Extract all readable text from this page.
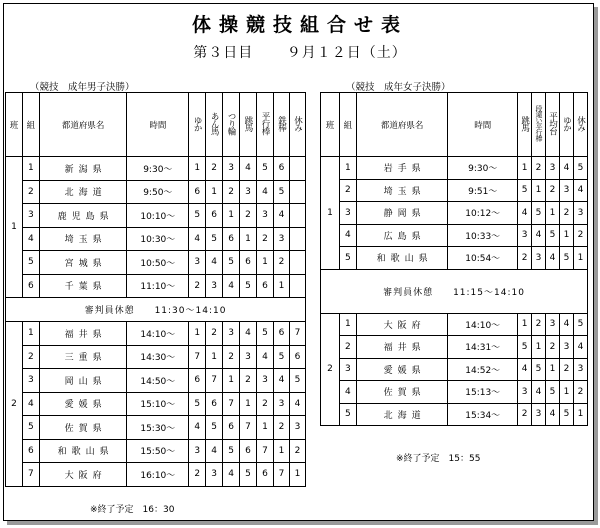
体操競技組合せ表
第３日目 ９月１２日（土）
（競技　成年男子決勝）	（競技　成年女子決勝）
班	組	都道府県名	時間	ゆか	あん馬	つり輪	跳馬	平行棒	鉄棒	休み
1	1	新潟県	9:30～	1	2	3	4	5	6	
	2	北海道	9:50～	6	1	2	3	4	5	
	3	鹿児島県	10:10～	5	6	1	2	3	4	
	4	埼玉県	10:30～	4	5	6	1	2	3	
	5	宮城県	10:50～	3	4	5	6	1	2	
	6	千葉県	11:10～	2	3	4	5	6	1	
審判員休憩　　11:30～14:10										
2	1	福井県	14:10～	1	2	3	4	5	6	7
	2	三重県	14:30～	7	1	2	3	4	5	6
	3	岡山県	14:50～	6	7	1	2	3	4	5
	4	愛媛県	15:10～	5	6	7	1	2	3	4
	5	佐賀県	15:30～	4	5	6	7	1	2	3
	6	和歌山県	15:50～	3	4	5	6	7	1	2
	7	大阪府	16:10～	2	3	4	5	6	7	1
※終了予定　16：30
班	組	都道府県名	時間	跳馬	段違い平行棒	平均台	ゆか	休み
1	1	岩手県	9:30～	1	2	3	4	5
	2	埼玉県	9:51～	5	1	2	3	4
	3	静岡県	10:12～	4	5	1	2	3
	4	広島県	10:33～	3	4	5	1	2
	5	和歌山県	10:54～	2	3	4	5	1
審判員休憩　　11:15～14:10								
2	1	大阪府	14:10～	1	2	3	4	5
	2	福井県	14:31～	5	1	2	3	4
	3	愛媛県	14:52～	4	5	1	2	3
	4	佐賀県	15:13～	3	4	5	1	2
	5	北海道	15:34～	2	3	4	5	1
※終了予定　15：55
